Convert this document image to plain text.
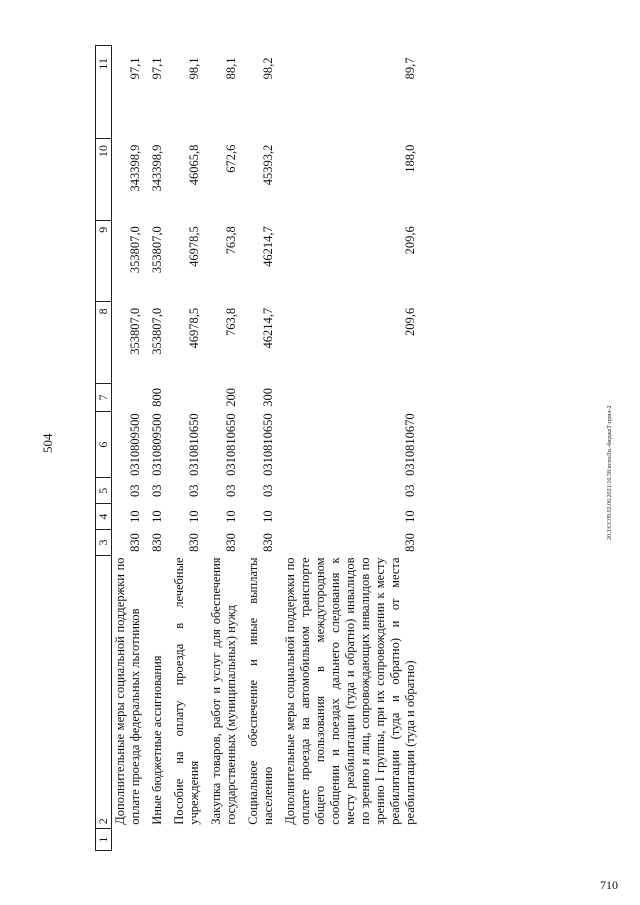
504
1	2	3	4	5	6	7	8	9	10	11
	Дополнительные меры социальной поддержки по оплате проезда федеральных льготников	830	10	03	0310809500		353807,0	353807,0	343398,9	97,1
	Иные бюджетные ассигнования	830	10	03	0310809500	800	353807,0	353807,0	343398,9	97,1
	Пособие на оплату проезда в лечебные учреждения	830	10	03	0310810650		46978,5	46978,5	46065,8	98,1
	Закупка товаров, работ и услуг для обеспечения государственных (муниципальных) нужд	830	10	03	0310810650	200	763,8	763,8	672,6	88,1
	Социальное обеспечение и иные выплаты населению	830	10	03	0310810650	300	46214,7	46214,7	45393,2	98,2
	Дополнительные меры социальной поддержки по оплате проезда на автомобильном транспорте общего пользования в междугородном сообщении и поездах дальнего следования к месту реабилитации (туда и обратно) инвалидов по зрению и лиц, сопровождающих инвалидов по зрению I группы, при их сопровождении к месту реабилитации (туда и обратно) и от места реабилитации (туда и обратно)	830	10	03	0310810670		209,6	209,6	188,0	89,7
20.3/СС09.02.06.2021/16.58/испоЛн.-бюджеТ-прил-2
710
